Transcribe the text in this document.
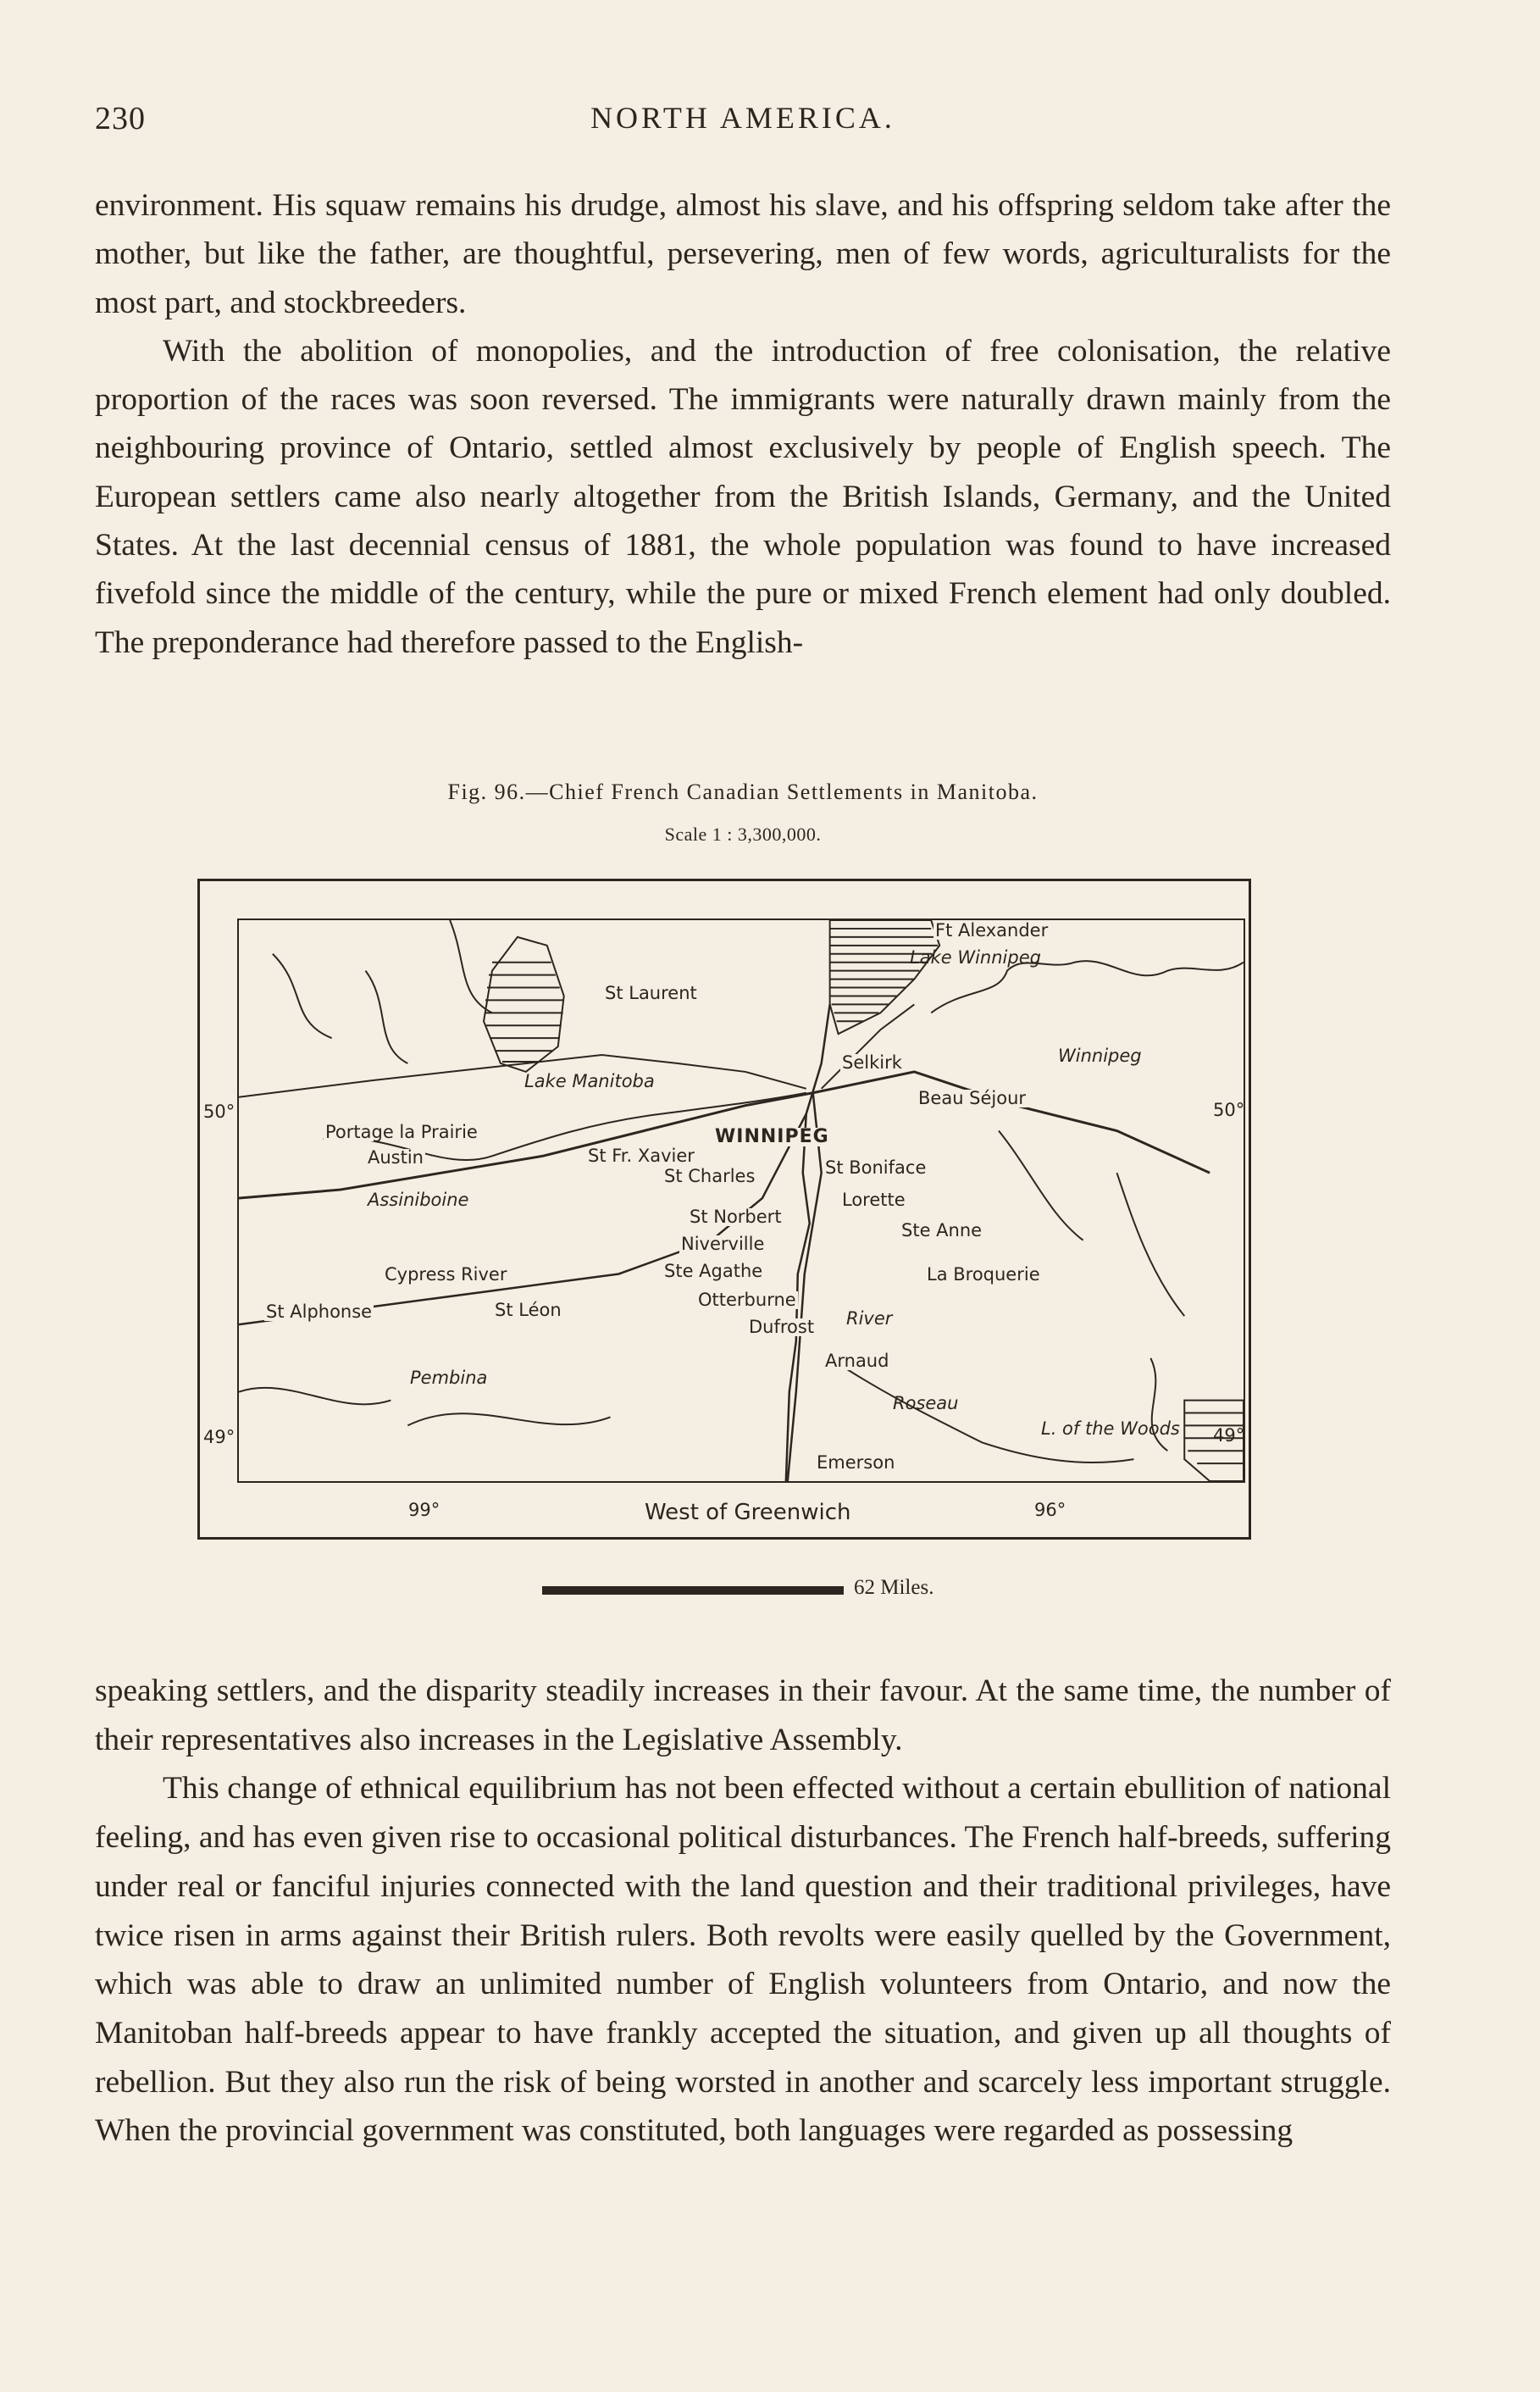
230	NORTH AMERICA.

environment. His squaw remains his drudge, almost his slave, and his offspring seldom take after the mother, but like the father, are thoughtful, persevering, men of few words, agriculturalists for the most part, and stockbreeders.

With the abolition of monopolies, and the introduction of free colonisation, the relative proportion of the races was soon reversed. The immigrants were naturally drawn mainly from the neighbouring province of Ontario, settled almost exclusively by people of English speech. The European settlers came also nearly altogether from the British Islands, Germany, and the United States. At the last decennial census of 1881, the whole population was found to have increased fivefold since the middle of the century, while the pure or mixed French element had only doubled. The preponderance had therefore passed to the English-

Fig. 96.—Chief French Canadian Settlements in Manitoba.
Scale 1 : 3,300,000.
Ft Alexander
Lake Winnipeg
St Laurent
Lake Manitoba
Selkirk
Beau Séjour
Winnipeg
Portage la Prairie	WINNIPEG
Austin	St Fr. Xavier
St Charles	St Boniface
Assiniboine	Lorette
St Norbert
Niverville
Ste Anne
Cypress River	Ste Agathe	La Broquerie
Otterburne
St Alphonse	St Léon
Dufrost River
Arnaud
Roseau
Pembina
L. of the Woods
Emerson
50°	50°
49°	49°
99°	West of Greenwich	96°
62 Miles.

speaking settlers, and the disparity steadily increases in their favour. At the same time, the number of their representatives also increases in the Legislative Assembly.

This change of ethnical equilibrium has not been effected without a certain ebullition of national feeling, and has even given rise to occasional political disturbances. The French half-breeds, suffering under real or fanciful injuries connected with the land question and their traditional privileges, have twice risen in arms against their British rulers. Both revolts were easily quelled by the Government, which was able to draw an unlimited number of English volunteers from Ontario, and now the Manitoban half-breeds appear to have frankly accepted the situation, and given up all thoughts of rebellion. But they also run the risk of being worsted in another and scarcely less important struggle. When the provincial government was constituted, both languages were regarded as possessing
